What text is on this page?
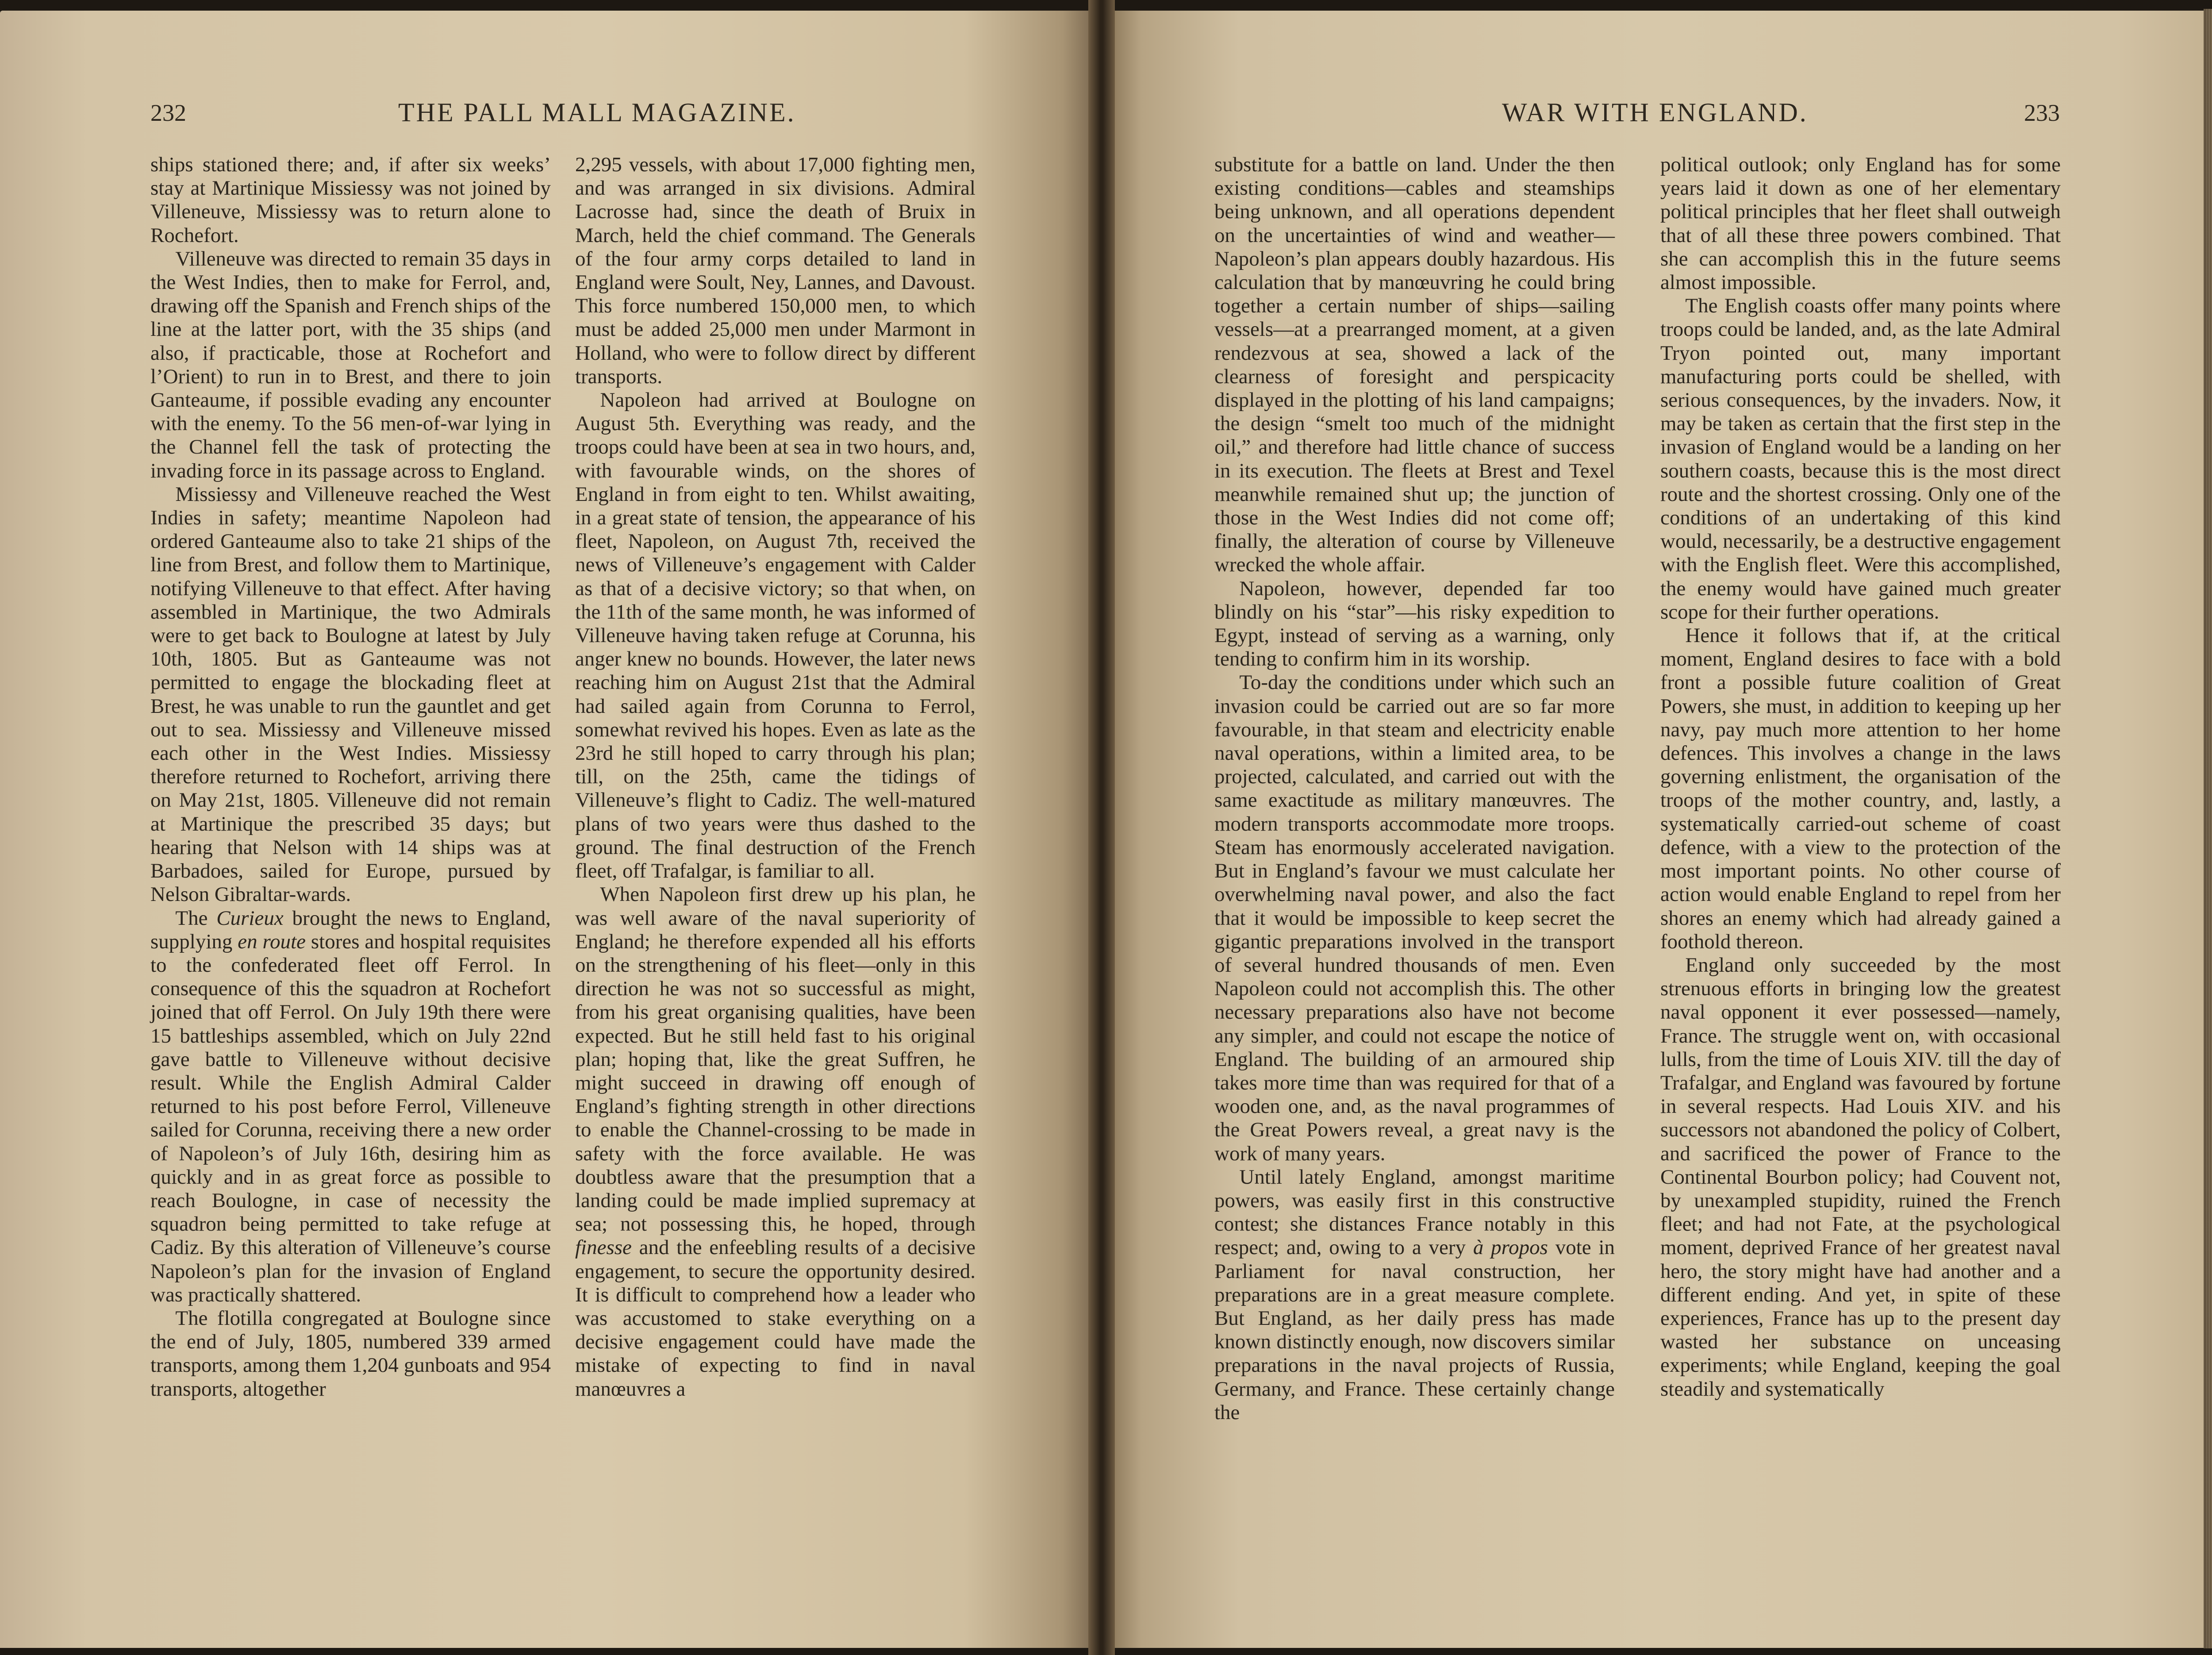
232	THE PALL MALL MAGAZINE.

ships stationed there; and, if after six weeks’ stay at Martinique Missiessy was not joined by Villeneuve, Missiessy was to return alone to Rochefort.

Villeneuve was directed to remain 35 days in the West Indies, then to make for Ferrol, and, drawing off the Spanish and French ships of the line at the latter port, with the 35 ships (and also, if practicable, those at Rochefort and l’Orient) to run in to Brest, and there to join Ganteaume, if possible evading any encounter with the enemy. To the 56 men-of-war lying in the Channel fell the task of protecting the invading force in its passage across to England.

Missiessy and Villeneuve reached the West Indies in safety; meantime Napoleon had ordered Ganteaume also to take 21 ships of the line from Brest, and follow them to Martinique, notifying Villeneuve to that effect. After having assembled in Martinique, the two Admirals were to get back to Boulogne at latest by July 10th, 1805. But as Ganteaume was not permitted to engage the blockading fleet at Brest, he was unable to run the gauntlet and get out to sea. Missiessy and Villeneuve missed each other in the West Indies. Missiessy therefore returned to Rochefort, arriving there on May 21st, 1805. Villeneuve did not remain at Martinique the prescribed 35 days; but hearing that Nelson with 14 ships was at Barbadoes, sailed for Europe, pursued by Nelson Gibraltar-wards.

The Curieux brought the news to England, supplying en route stores and hospital requisites to the confederated fleet off Ferrol. In consequence of this the squadron at Rochefort joined that off Ferrol. On July 19th there were 15 battleships assembled, which on July 22nd gave battle to Villeneuve without decisive result. While the English Admiral Calder returned to his post before Ferrol, Villeneuve sailed for Corunna, receiving there a new order of Napoleon’s of July 16th, desiring him as quickly and in as great force as possible to reach Boulogne, in case of necessity the squadron being permitted to take refuge at Cadiz. By this alteration of Villeneuve’s course Napoleon’s plan for the invasion of England was practically shattered.

The flotilla congregated at Boulogne since the end of July, 1805, numbered 339 armed transports, among them 1,204 gunboats and 954 transports, altogether

2,295 vessels, with about 17,000 fighting men, and was arranged in six divisions. Admiral Lacrosse had, since the death of Bruix in March, held the chief command. The Generals of the four army corps detailed to land in England were Soult, Ney, Lannes, and Davoust. This force numbered 150,000 men, to which must be added 25,000 men under Marmont in Holland, who were to follow direct by different transports.

Napoleon had arrived at Boulogne on August 5th. Everything was ready, and the troops could have been at sea in two hours, and, with favourable winds, on the shores of England in from eight to ten. Whilst awaiting, in a great state of tension, the appearance of his fleet, Napoleon, on August 7th, received the news of Villeneuve’s engagement with Calder as that of a decisive victory; so that when, on the 11th of the same month, he was informed of Villeneuve having taken refuge at Corunna, his anger knew no bounds. However, the later news reaching him on August 21st that the Admiral had sailed again from Corunna to Ferrol, somewhat revived his hopes. Even as late as the 23rd he still hoped to carry through his plan; till, on the 25th, came the tidings of Villeneuve’s flight to Cadiz. The well-matured plans of two years were thus dashed to the ground. The final destruction of the French fleet, off Trafalgar, is familiar to all.

When Napoleon first drew up his plan, he was well aware of the naval superiority of England; he therefore expended all his efforts on the strengthening of his fleet—only in this direction he was not so successful as might, from his great organising qualities, have been expected. But he still held fast to his original plan; hoping that, like the great Suffren, he might succeed in drawing off enough of England’s fighting strength in other directions to enable the Channel-crossing to be made in safety with the force available. He was doubtless aware that the presumption that a landing could be made implied supremacy at sea; not possessing this, he hoped, through finesse and the enfeebling results of a decisive engagement, to secure the opportunity desired. It is difficult to comprehend how a leader who was accustomed to stake everything on a decisive engagement could have made the mistake of expecting to find in naval manœuvres a

WAR WITH ENGLAND.	233

substitute for a battle on land. Under the then existing conditions—cables and steamships being unknown, and all operations dependent on the uncertainties of wind and weather—Napoleon’s plan appears doubly hazardous. His calculation that by manœuvring he could bring together a certain number of ships—sailing vessels—at a prearranged moment, at a given rendezvous at sea, showed a lack of the clearness of foresight and perspicacity displayed in the plotting of his land campaigns; the design “smelt too much of the midnight oil,” and therefore had little chance of success in its execution. The fleets at Brest and Texel meanwhile remained shut up; the junction of those in the West Indies did not come off; finally, the alteration of course by Villeneuve wrecked the whole affair.

Napoleon, however, depended far too blindly on his “star”—his risky expedition to Egypt, instead of serving as a warning, only tending to confirm him in its worship.

To-day the conditions under which such an invasion could be carried out are so far more favourable, in that steam and electricity enable naval operations, within a limited area, to be projected, calculated, and carried out with the same exactitude as military manœuvres. The modern transports accommodate more troops. Steam has enormously accelerated navigation. But in England’s favour we must calculate her overwhelming naval power, and also the fact that it would be impossible to keep secret the gigantic preparations involved in the transport of several hundred thousands of men. Even Napoleon could not accomplish this. The other necessary preparations also have not become any simpler, and could not escape the notice of England. The building of an armoured ship takes more time than was required for that of a wooden one, and, as the naval programmes of the Great Powers reveal, a great navy is the work of many years.

Until lately England, amongst maritime powers, was easily first in this constructive contest; she distances France notably in this respect; and, owing to a very à propos vote in Parliament for naval construction, her preparations are in a great measure complete. But England, as her daily press has made known distinctly enough, now discovers similar preparations in the naval projects of Russia, Germany, and France. These certainly change the

political outlook; only England has for some years laid it down as one of her elementary political principles that her fleet shall outweigh that of all these three powers combined. That she can accomplish this in the future seems almost impossible.

The English coasts offer many points where troops could be landed, and, as the late Admiral Tryon pointed out, many important manufacturing ports could be shelled, with serious consequences, by the invaders. Now, it may be taken as certain that the first step in the invasion of England would be a landing on her southern coasts, because this is the most direct route and the shortest crossing. Only one of the conditions of an undertaking of this kind would, necessarily, be a destructive engagement with the English fleet. Were this accomplished, the enemy would have gained much greater scope for their further operations.

Hence it follows that if, at the critical moment, England desires to face with a bold front a possible future coalition of Great Powers, she must, in addition to keeping up her navy, pay much more attention to her home defences. This involves a change in the laws governing enlistment, the organisation of the troops of the mother country, and, lastly, a systematically carried-out scheme of coast defence, with a view to the protection of the most important points. No other course of action would enable England to repel from her shores an enemy which had already gained a foothold thereon.

England only succeeded by the most strenuous efforts in bringing low the greatest naval opponent it ever possessed—namely, France. The struggle went on, with occasional lulls, from the time of Louis XIV. till the day of Trafalgar, and England was favoured by fortune in several respects. Had Louis XIV. and his successors not abandoned the policy of Colbert, and sacrificed the power of France to the Continental Bourbon policy; had Couvent not, by unexampled stupidity, ruined the French fleet; and had not Fate, at the psychological moment, deprived France of her greatest naval hero, the story might have had another and a different ending. And yet, in spite of these experiences, France has up to the present day wasted her substance on unceasing experiments; while England, keeping the goal steadily and systematically
